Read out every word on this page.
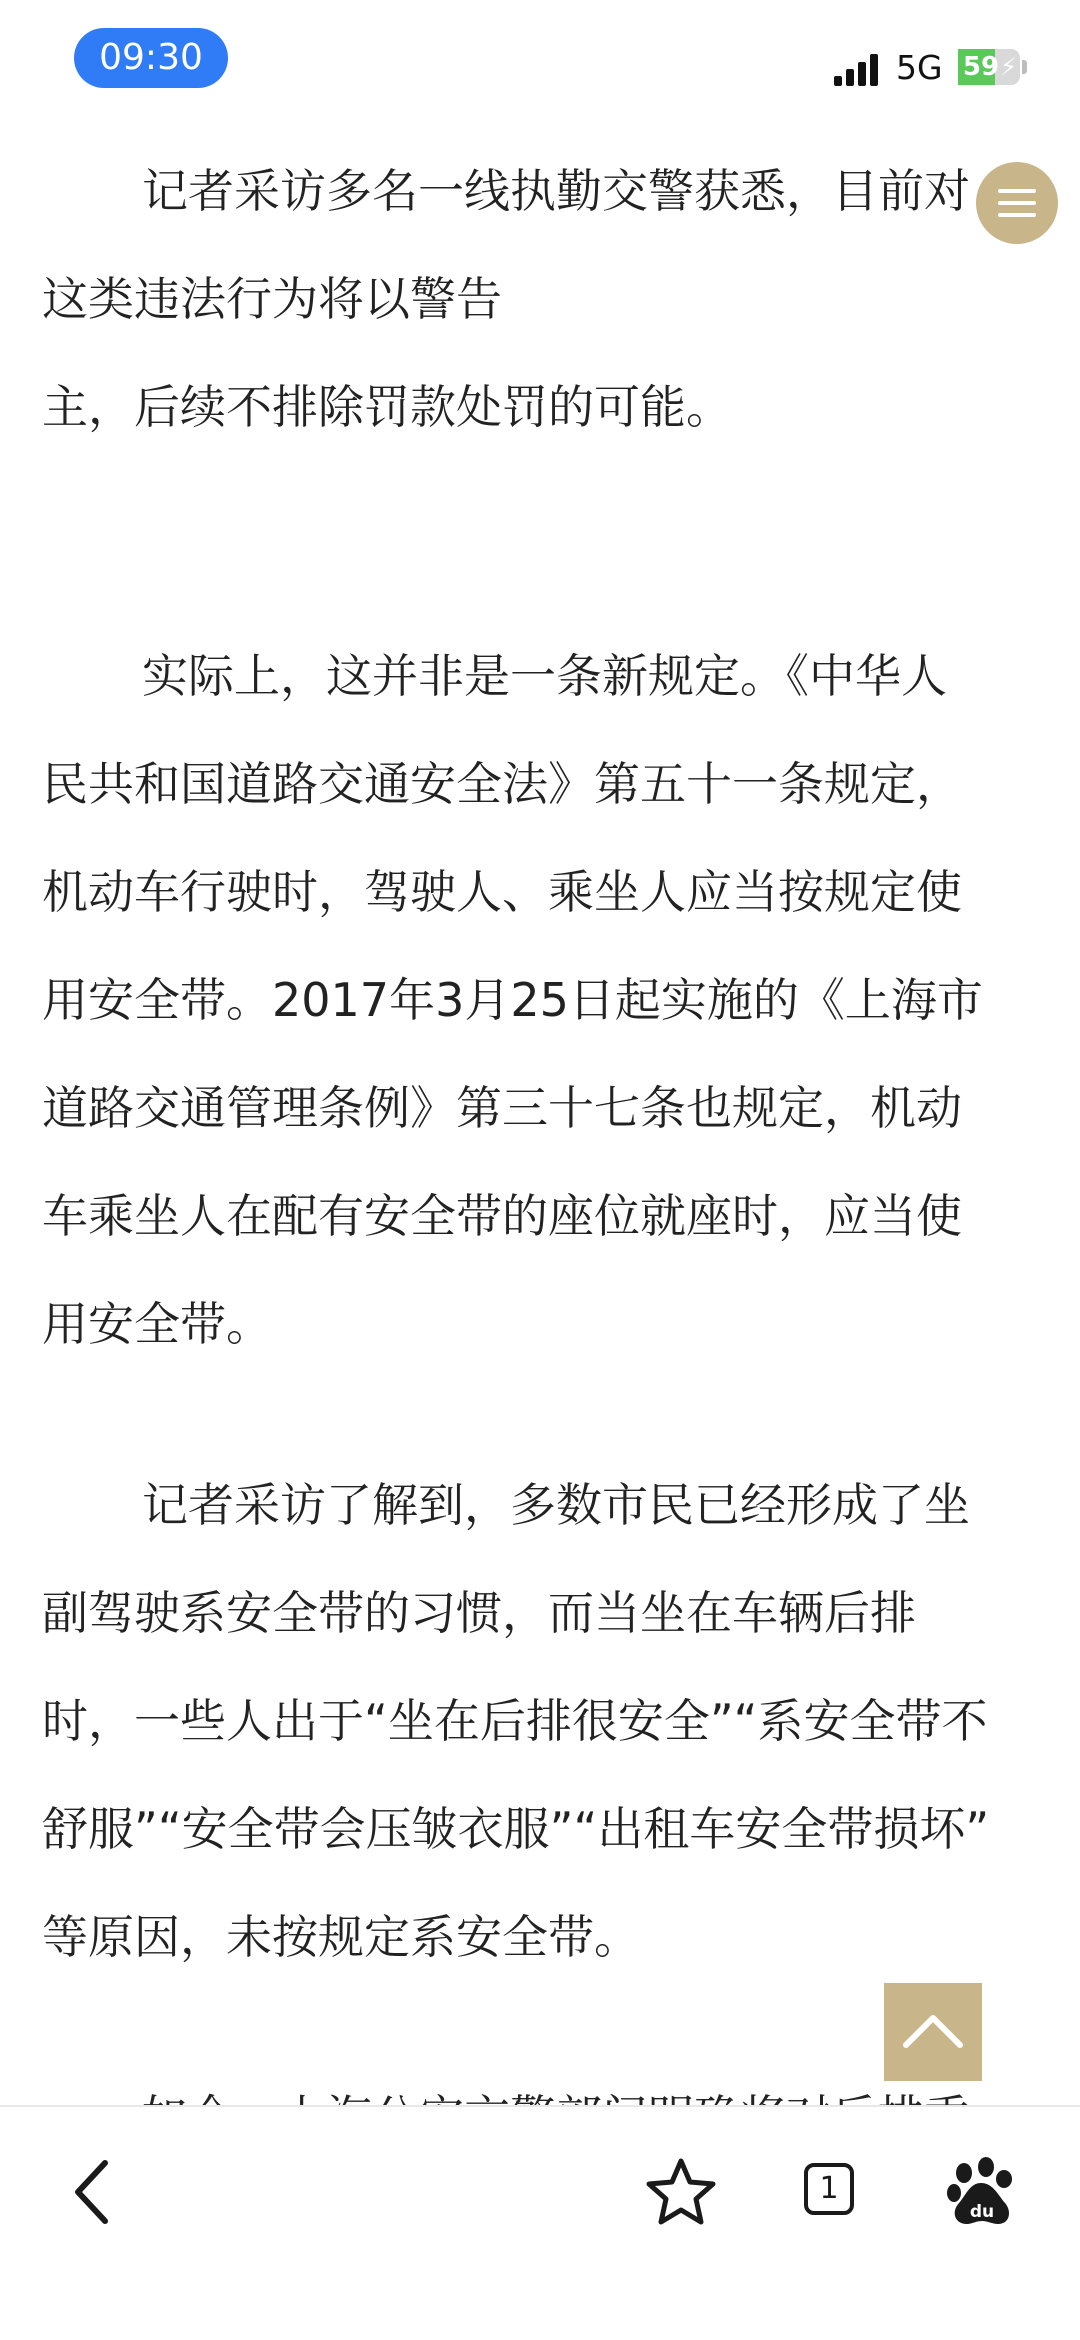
记者采访多名一线执勤交警获悉，目前对
这类违法行为将以警告
主，后续不排除罚款处罚的可能。

实际上，这并非是一条新规定。《中华人
民共和国道路交通安全法》第五十一条规定，
机动车行驶时，驾驶人、乘坐人应当按规定使
用安全带。2017年3月25日起实施的《上海市
道路交通管理条例》第三十七条也规定，机动
车乘坐人在配有安全带的座位就座时，应当使
用安全带。

记者采访了解到，多数市民已经形成了坐
副驾驶系安全带的习惯，而当坐在车辆后排
时，一些人出于“坐在后排很安全”“系安全带不
舒服”“安全带会压皱衣服”“出租车安全带损坏”
等原因，未按规定系安全带。

09:30	5G 59 ⚡
1
du
